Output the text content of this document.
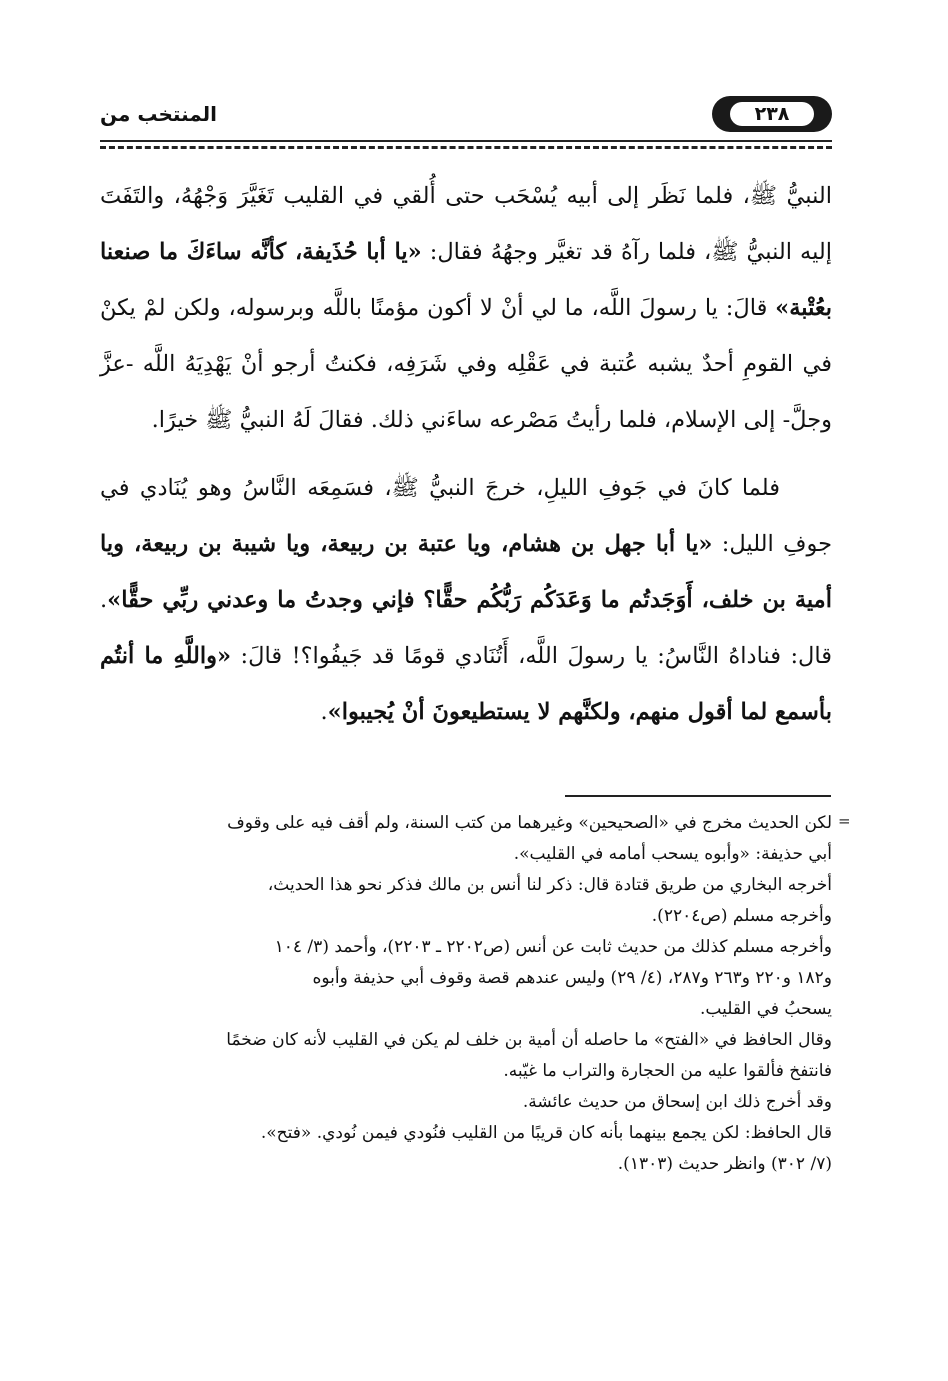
٢٣٨
المنتخب من

النبيُّ ﷺ، فلما نَظَر إلى أبيه يُسْحَب حتى أُلقي في القليب تَغَيَّرَ وَجْهُهُ، والتَفَتَ إليه النبيُّ ﷺ، فلما رآهُ قد تغيَّر وجهُهُ فقال: «يا أبا حُذَيفة، كأنَّه ساءَكَ ما صنعنا بعُتْبة» قالَ: يا رسولَ اللَّه، ما لي أنْ لا أكون مؤمنًا باللَّه وبرسوله، ولكن لمْ يكنْ في القومِ أحدٌ يشبه عُتبة في عَقْلِه وفي شَرَفِه، فكنتُ أرجو أنْ يَهْدِيَهُ اللَّه -عزَّ وجلَّ- إلى الإسلام، فلما رأيتُ مَصْرعه ساءَني ذلك. فقالَ لَهُ النبيُّ ﷺ خيرًا.

فلما كانَ في جَوفِ الليلِ، خرجَ النبيُّ ﷺ، فسَمِعَه النَّاسُ وهو يُنَادي في جوفِ الليل: «يا أبا جهل بن هشام، ويا عتبة بن ربيعة، ويا شيبة بن ربيعة، ويا أمية بن خلف، أَوَجَدتُم ما وَعَدَكُم رَبُّكُم حقًّا؟ فإني وجدتُ ما وعدني ربِّي حقًّا». قال: فناداهُ النَّاسُ: يا رسولَ اللَّه، أَتُنَادي قومًا قد جَيفُوا؟! قالَ: «واللَّهِ ما أنتُم بأسمع لما أقول منهم، ولكنَّهم لا يستطيعونَ أنْ يُجيبوا».

=

لكن الحديث مخرج في «الصحيحين» وغيرهما من كتب السنة، ولم أقف فيه على وقوف

أبي حذيفة: «وأبوه يسحب أمامه في القليب».

أخرجه البخاري من طريق قتادة قال: ذكر لنا أنس بن مالك فذكر نحو هذا الحديث،

وأخرجه مسلم (ص٢٢٠٤).

وأخرجه مسلم كذلك من حديث ثابت عن أنس (ص٢٢٠٢ ـ ٢٢٠٣)، وأحمد (٣/ ١٠٤

و١٨٢ و٢٢٠ و٢٦٣ و٢٨٧، (٤/ ٢٩) وليس عندهم قصة وقوف أبي حذيفة وأبوه

يسحبُ في القليب.

وقال الحافظ في «الفتح» ما حاصله أن أمية بن خلف لم يكن في القليب لأنه كان ضخمًا

فانتفخ فألقوا عليه من الحجارة والتراب ما غيّبه.

وقد أخرج ذلك ابن إسحاق من حديث عائشة.

قال الحافظ: لكن يجمع بينهما بأنه كان قريبًا من القليب فنُودي فيمن نُودي. «فتح».

(٧/ ٣٠٢) وانظر حديث (١٣٠٣).
